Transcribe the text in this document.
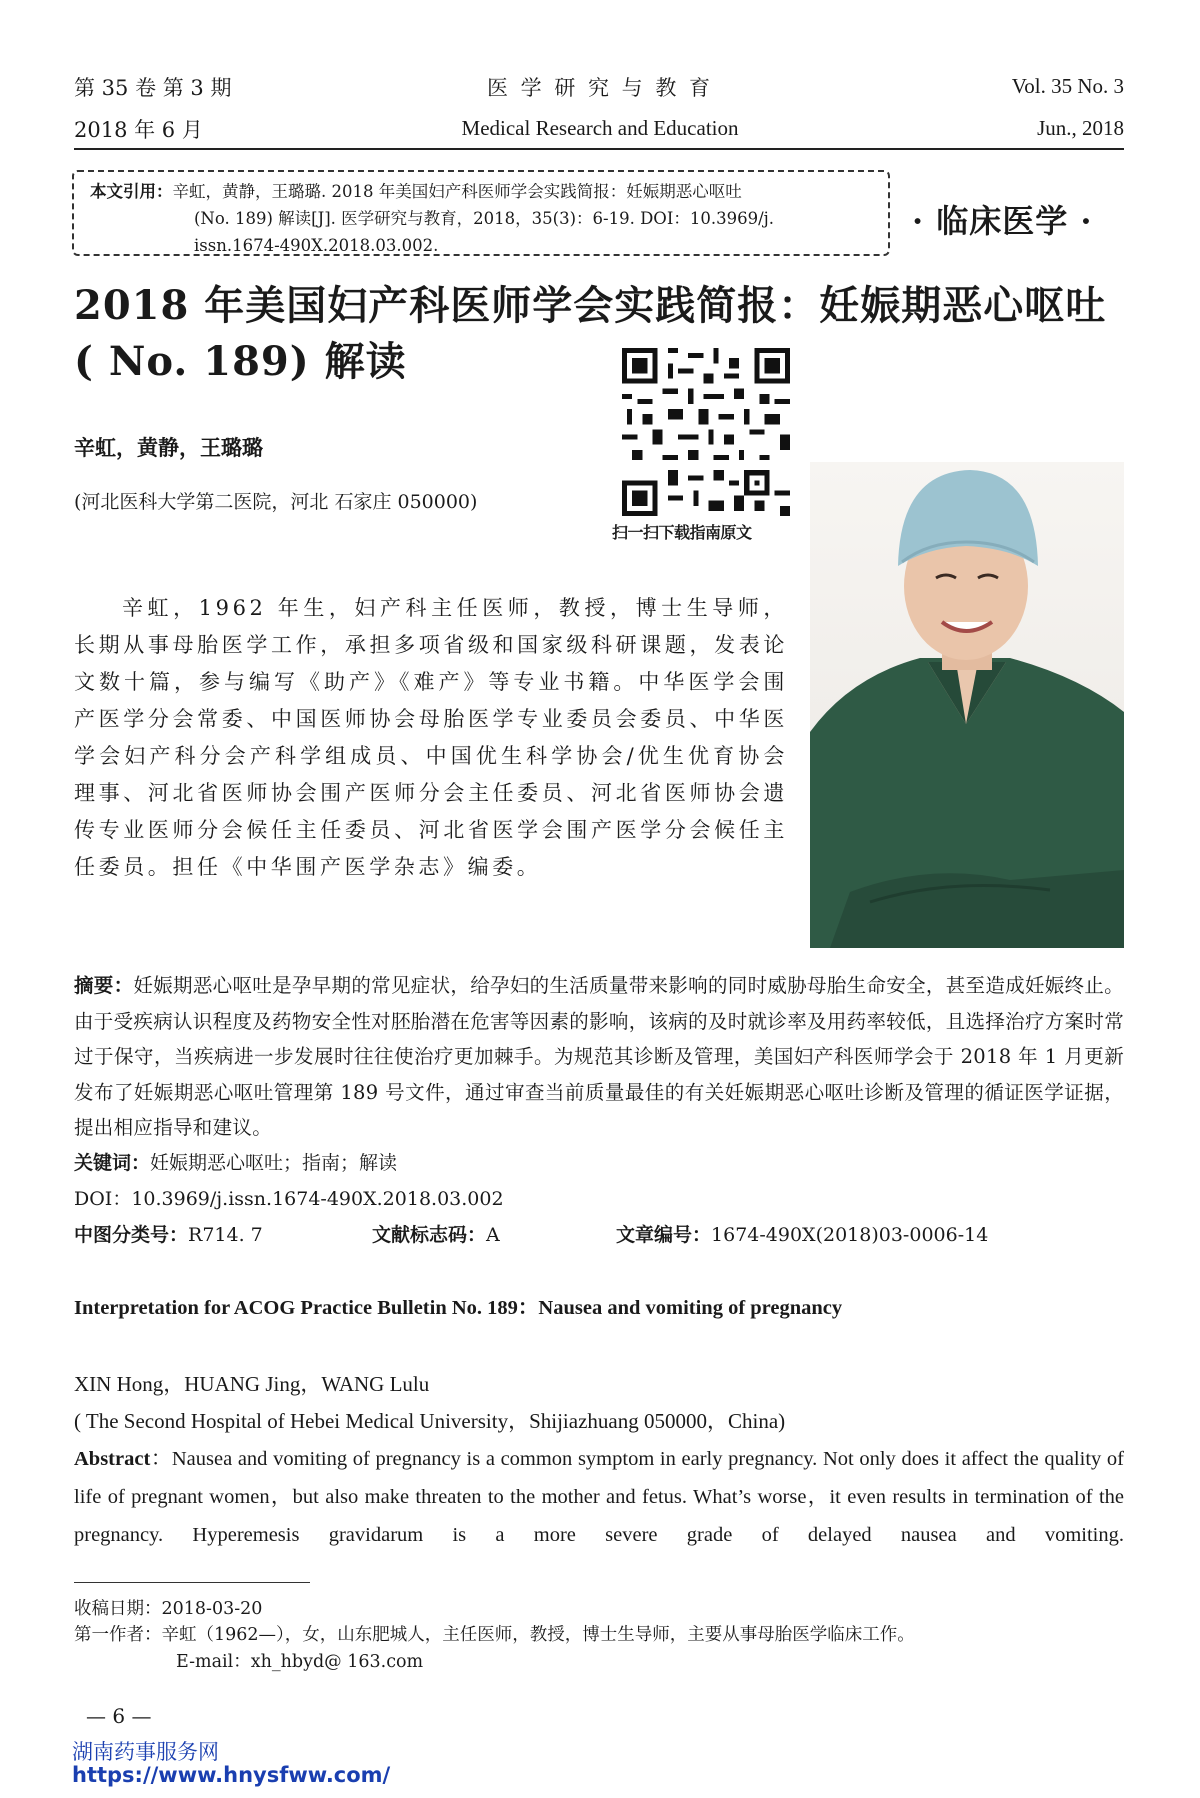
第 35 卷 第 3 期
2018 年 6 月
医 学 研 究 与 教 育
Medical Research and Education
Vol. 35 No. 3
Jun., 2018
本文引用：辛虹，黄静，王璐璐. 2018 年美国妇产科医师学会实践简报：妊娠期恶心呕吐
(No. 189) 解读[J]. 医学研究与教育，2018，35(3)：6-19. DOI：10.3969/j.
issn.1674-490X.2018.03.002.
· 临床医学 ·
2018 年美国妇产科医师学会实践简报：妊娠期恶心呕吐
( No. 189) 解读
辛虹，黄静，王璐璐
(河北医科大学第二医院，河北 石家庄 050000)
扫一扫下载指南原文
辛虹，1962 年生，妇产科主任医师，教授，博士生导师，长期从事母胎医学工作，承担多项省级和国家级科研课题，发表论文数十篇，参与编写《助产》《难产》等专业书籍。中华医学会围产医学分会常委、中国医师协会母胎医学专业委员会委员、中华医学会妇产科分会产科学组成员、中国优生科学协会/优生优育协会理事、河北省医师协会围产医师分会主任委员、河北省医师协会遗传专业医师分会候任主任委员、河北省医学会围产医学分会候任主任委员。担任《中华围产医学杂志》编委。
摘要：妊娠期恶心呕吐是孕早期的常见症状，给孕妇的生活质量带来影响的同时威胁母胎生命安全，甚至造成妊娠终止。由于受疾病认识程度及药物安全性对胚胎潜在危害等因素的影响，该病的及时就诊率及用药率较低，且选择治疗方案时常过于保守，当疾病进一步发展时往往使治疗更加棘手。为规范其诊断及管理，美国妇产科医师学会于 2018 年 1 月更新发布了妊娠期恶心呕吐管理第 189 号文件，通过审查当前质量最佳的有关妊娠期恶心呕吐诊断及管理的循证医学证据，提出相应指导和建议。
关键词：妊娠期恶心呕吐；指南；解读
DOI：10.3969/j.issn.1674-490X.2018.03.002
中图分类号：R714. 7	文献标志码：A	文章编号：1674-490X(2018)03-0006-14
Interpretation for ACOG Practice Bulletin No. 189：Nausea and vomiting of pregnancy
XIN Hong，HUANG Jing，WANG Lulu
( The Second Hospital of Hebei Medical University，Shijiazhuang 050000，China)
Abstract：Nausea and vomiting of pregnancy is a common symptom in early pregnancy. Not only does it affect the quality of life of pregnant women，but also make threaten to the mother and fetus. What’s worse，it even results in termination of the pregnancy. Hyperemesis gravidarum is a more severe grade of delayed nausea and vomiting.
收稿日期：2018-03-20
第一作者：辛虹（1962—），女，山东肥城人，主任医师，教授，博士生导师，主要从事母胎医学临床工作。
E-mail：xh_hbyd@ 163.com
— 6 —
湖南药事服务网
https://www.hnysfww.com/
